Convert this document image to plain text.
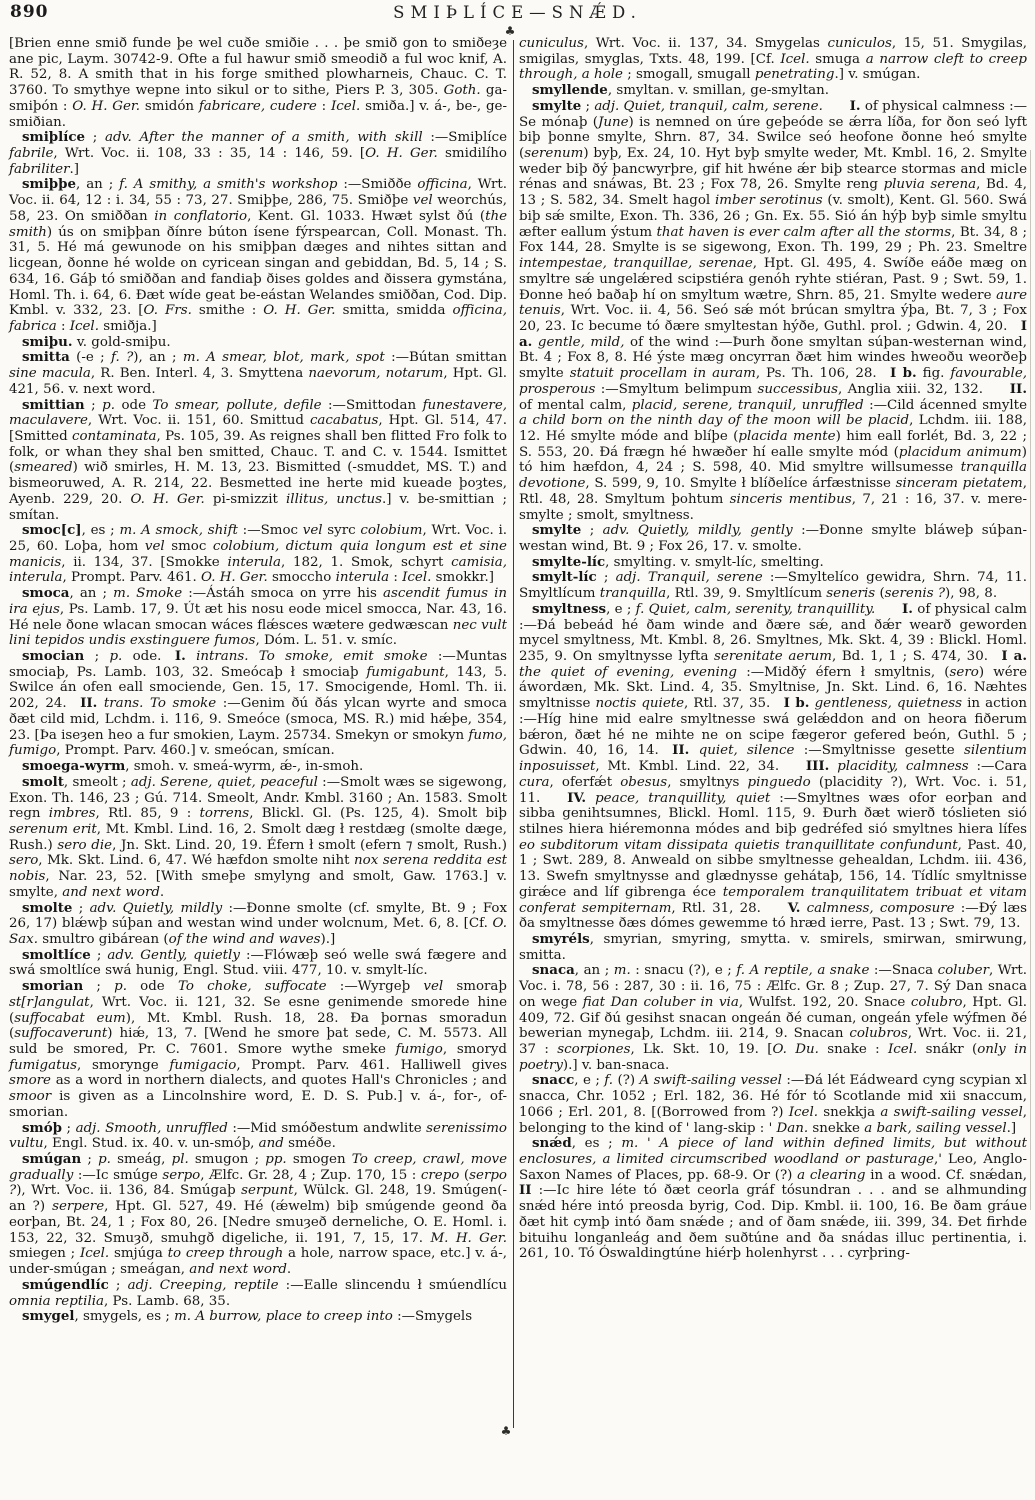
890	SMIÞLÍCE—SNǼD.
♣

[Brien enne smið funde þe wel cuðe smiðie . . . þe smið gon to smiðeȝe ane pic, Laym. 30742-9. Ofte a ful hawur smið smeodið a ful woc knif, A. R. 52, 8. A smith that in his forge smithed plowharneis, Chauc. C. T. 3760. To smythye wepne into sikul or to sithe, Piers P. 3, 305. Goth. ga-smiþón : O. H. Ger. smidón fabricare, cudere : Icel. smiða.] v. á-, be-, ge-smiðian.

smiþlíce ; adv. After the manner of a smith, with skill :—Smiþlíce fabrile, Wrt. Voc. ii. 108, 33 : 35, 14 : 146, 59. [O. H. Ger. smidilího fabriliter.]

smiþþe, an ; f. A smithy, a smith's workshop :—Smiððe officina, Wrt. Voc. ii. 64, 12 : i. 34, 55 : 73, 27. Smiþþe, 286, 75. Smiðþe vel weorchús, 58, 23. On smiððan in conflatorio, Kent. Gl. 1033. Hwæt sylst ðú (the smith) ús on smiþþan ðínre búton ísene fýrspearcan, Coll. Monast. Th. 31, 5. Hé má gewunode on his smiþþan dæges and nihtes sittan and licgean, ðonne hé wolde on cyricean singan and gebiddan, Bd. 5, 14 ; S. 634, 16. Gáþ tó smiððan and fandiaþ ðises goldes and ðissera gymstána, Homl. Th. i. 64, 6. Ðæt wíde geat be-eástan Welandes smiððan, Cod. Dip. Kmbl. v. 332, 23. [O. Frs. smithe : O. H. Ger. smitta, smidda officina, fabrica : Icel. smiðja.]

smiþu. v. gold-smiþu.

smitta (-e ; f. ?), an ; m. A smear, blot, mark, spot :—Bútan smittan sine macula, R. Ben. Interl. 4, 3. Smyttena naevorum, notarum, Hpt. Gl. 421, 56. v. next word.

smittian ; p. ode To smear, pollute, defile :—Smittodan funestavere, maculavere, Wrt. Voc. ii. 151, 60. Smittud cacabatus, Hpt. Gl. 514, 47. [Smitted contaminata, Ps. 105, 39. As reignes shall ben flitted Fro folk to folk, or whan they shal ben smitted, Chauc. T. and C. v. 1544. Ismittet (smeared) wið smirles, H. M. 13, 23. Bismitted (-smuddet, MS. T.) and bismeoruwed, A. R. 214, 22. Besmetted ine herte mid kueade þoȝtes, Ayenb. 229, 20. O. H. Ger. pi-smizzit illitus, unctus.] v. be-smittian ; smítan.

smoc[c], es ; m. A smock, shift :—Smoc vel syrc colobium, Wrt. Voc. i. 25, 60. Loþa, hom vel smoc colobium, dictum quia longum est et sine manicis, ii. 134, 37. [Smokke interula, 182, 1. Smok, schyrt camisia, interula, Prompt. Parv. 461. O. H. Ger. smoccho interula : Icel. smokkr.]

smoca, an ; m. Smoke :—Ástáh smoca on yrre his ascendit fumus in ira ejus, Ps. Lamb. 17, 9. Út æt his nosu eode micel smocca, Nar. 43, 16. Hé nele ðone wlacan smocan wáces flǽsces wætere gedwæscan nec vult lini tepidos undis exstinguere fumos, Dóm. L. 51. v. smíc.

smocian ; p. ode. I. intrans. To smoke, emit smoke :—Muntas smociaþ, Ps. Lamb. 103, 32. Smeócaþ ł smociaþ fumigabunt, 143, 5. Swilce án ofen eall smociende, Gen. 15, 17. Smocigende, Homl. Th. ii. 202, 24. II. trans. To smoke :—Genim ðú ðás ylcan wyrte and smoca ðæt cild mid, Lchdm. i. 116, 9. Smeóce (smoca, MS. R.) mid hǽþe, 354, 23. [Þa iseȝen heo a fur smokien, Laym. 25734. Smekyn or smokyn fumo, fumigo, Prompt. Parv. 460.] v. smeócan, smícan.

smoega-wyrm, smoh. v. smeá-wyrm, ǽ-, in-smoh.

smolt, smeolt ; adj. Serene, quiet, peaceful :—Smolt wæs se sigewong, Exon. Th. 146, 23 ; Gú. 714. Smeolt, Andr. Kmbl. 3160 ; An. 1583. Smolt regn imbres, Rtl. 85, 9 : torrens, Blickl. Gl. (Ps. 125, 4). Smolt biþ serenum erit, Mt. Kmbl. Lind. 16, 2. Smolt dæg ł restdæg (smolte dæge, Rush.) sero die, Jn. Skt. Lind. 20, 19. Éfern ł smolt (efern ⁊ smolt, Rush.) sero, Mk. Skt. Lind. 6, 47. Wé hæfdon smolte niht nox serena reddita est nobis, Nar. 23, 52. [With smeþe smylyng and smolt, Gaw. 1763.] v. smylte, and next word.

smolte ; adv. Quietly, mildly :—Ðonne smolte (cf. smylte, Bt. 9 ; Fox 26, 17) blǽwþ súþan and westan wind under wolcnum, Met. 6, 8. [Cf. O. Sax. smultro gibárean (of the wind and waves).]

smoltlíce ; adv. Gently, quietly :—Flówæþ seó welle swá fægere and swá smoltlíce swá hunig, Engl. Stud. viii. 477, 10. v. smylt-líc.

smorian ; p. ode To choke, suffocate :—Wyrgeþ vel smoraþ st[r]angulat, Wrt. Voc. ii. 121, 32. Se esne genimende smorede hine (suffocabat eum), Mt. Kmbl. Rush. 18, 28. Ða þornas smoradun (suffocaverunt) hiǽ, 13, 7. [Wend he smore þat sede, C. M. 5573. All suld be smored, Pr. C. 7601. Smore wythe smeke fumigo, smoryd fumigatus, smorynge fumigacio, Prompt. Parv. 461. Halliwell gives smore as a word in northern dialects, and quotes Hall's Chronicles ; and smoor is given as a Lincolnshire word, E. D. S. Pub.] v. á-, for-, of-smorian.

smóþ ; adj. Smooth, unruffled :—Mid smóðestum andwlite serenissimo vultu, Engl. Stud. ix. 40. v. un-smóþ, and sméðe.

smúgan ; p. smeág, pl. smugon ; pp. smogen To creep, crawl, move gradually :—Ic smúge serpo, Ælfc. Gr. 28, 4 ; Zup. 170, 15 : crepo (serpo ?), Wrt. Voc. ii. 136, 84. Smúgaþ serpunt, Wülck. Gl. 248, 19. Smúgen(-an ?) serpere, Hpt. Gl. 527, 49. Hé (ǽwelm) biþ smúgende geond ða eorþan, Bt. 24, 1 ; Fox 80, 26. [Nedre smuȝeð derneliche, O. E. Homl. i. 153, 22, 32. Smuȝð, smuhgð digeliche, ii. 191, 7, 15, 17. M. H. Ger. smiegen ; Icel. smjúga to creep through a hole, narrow space, etc.] v. á-, under-smúgan ; smeágan, and next word.

smúgendlíc ; adj. Creeping, reptile :—Ealle slincendu ł smúendlícu omnia reptilia, Ps. Lamb. 68, 35.

smygel, smygels, es ; m. A burrow, place to creep into :—Smygels

cuniculus, Wrt. Voc. ii. 137, 34. Smygelas cuniculos, 15, 51. Smygilas, smigilas, smyglas, Txts. 48, 199. [Cf. Icel. smuga a narrow cleft to creep through, a hole ; smogall, smugall penetrating.] v. smúgan.

smyllende, smyltan. v. smillan, ge-smyltan.

smylte ; adj. Quiet, tranquil, calm, serene.   I. of physical calmness :—Se mónaþ (June) is nemned on úre geþeóde se ǽrra líða, for ðon seó lyft biþ þonne smylte, Shrn. 87, 34. Swilce seó heofone ðonne heó smylte (serenum) byþ, Ex. 24, 10. Hyt byþ smylte weder, Mt. Kmbl. 16, 2. Smylte weder biþ ðý þancwyrþre, gif hit hwéne ǽr biþ stearce stormas and micle rénas and snáwas, Bt. 23 ; Fox 78, 26. Smylte reng pluvia serena, Bd. 4, 13 ; S. 582, 34. Smelt hagol imber serotinus (v. smolt), Kent. Gl. 560. Swá biþ sǽ smilte, Exon. Th. 336, 26 ; Gn. Ex. 55. Sió án hýþ byþ simle smyltu æfter eallum ýstum that haven is ever calm after all the storms, Bt. 34, 8 ; Fox 144, 28. Smylte is se sigewong, Exon. Th. 199, 29 ; Ph. 23. Smeltre intempestae, tranquillae, serenae, Hpt. Gl. 495, 4. Swíðe eáðe mæg on smyltre sǽ ungelǽred scipstiéra genóh ryhte stiéran, Past. 9 ; Swt. 59, 1. Ðonne heó baðaþ hí on smyltum wætre, Shrn. 85, 21. Smylte wedere aure tenuis, Wrt. Voc. ii. 4, 56. Seó sǽ mót brúcan smyltra ýþa, Bt. 7, 3 ; Fox 20, 23. Ic becume tó ðære smyltestan hýðe, Guthl. prol. ; Gdwin. 4, 20. I a. gentle, mild, of the wind :—Þurh ðone smyltan súþan-westernan wind, Bt. 4 ; Fox 8, 8. Hé ýste mæg oncyrran ðæt him windes hweoðu weorðeþ smylte statuit procellam in auram, Ps. Th. 106, 28. I b. fig. favourable, prosperous :—Smyltum belimpum successibus, Anglia xiii. 32, 132.  II. of mental calm, placid, serene, tranquil, unruffled :—Cild ácenned smylte a child born on the ninth day of the moon will be placid, Lchdm. iii. 188, 12. Hé smylte móde and blíþe (placida mente) him eall forlét, Bd. 3, 22 ; S. 553, 20. Ðá frægn hé hwæðer hí ealle smylte mód (placidum animum) tó him hæfdon, 4, 24 ; S. 598, 40. Mid smyltre willsumesse tranquilla devotione, S. 599, 9, 10. Smylte ł blíðelíce árfæstnisse sinceram pietatem, Rtl. 48, 28. Smyltum þohtum sinceris mentibus, 7, 21 : 16, 37. v. mere-smylte ; smolt, smyltness.

smylte ; adv. Quietly, mildly, gently :—Ðonne smylte bláweþ súþan-westan wind, Bt. 9 ; Fox 26, 17. v. smolte.

smylte-líc, smylting. v. smylt-líc, smelting.

smylt-líc ; adj. Tranquil, serene :—Smyltelíco gewidra, Shrn. 74, 11. Smyltlícum tranquilla, Rtl. 39, 9. Smyltlícum seneris (serenis ?), 98, 8.

smyltness, e ; f. Quiet, calm, serenity, tranquillity.   I. of physical calm :—Ðá bebeád hé ðam winde and ðære sǽ, and ðǽr wearð geworden mycel smyltness, Mt. Kmbl. 8, 26. Smyltnes, Mk. Skt. 4, 39 : Blickl. Homl. 235, 9. On smyltnysse lyfta serenitate aerum, Bd. 1, 1 ; S. 474, 30. I a. the quiet of evening, evening :—Midðý éfern ł smyltnis, (sero) wére áwordæn, Mk. Skt. Lind. 4, 35. Smyltnise, Jn. Skt. Lind. 6, 16. Næhtes smyltnisse noctis quiete, Rtl. 37, 35. I b. gentleness, quietness in action :—Híg hine mid ealre smyltnesse swá gelǽddon and on heora fiðerum bǽron, ðæt hé ne mihte ne on scipe fægeror gefered beón, Guthl. 5 ; Gdwin. 40, 16, 14. II. quiet, silence :—Smyltnisse gesette silentium inposuisset, Mt. Kmbl. Lind. 22, 34.  III. placidity, calmness :—Cara cura, oferfǽt obesus, smyltnys pinguedo (placidity ?), Wrt. Voc. i. 51, 11.  IV. peace, tranquillity, quiet :—Smyltnes wæs ofor eorþan and sibba genihtsumnes, Blickl. Homl. 115, 9. Ðurh ðæt wierð tóslieten sió stilnes hiera hiéremonna módes and biþ gedréfed sió smyltnes hiera lífes eo subditorum vitam dissipata quietis tranquillitate confundunt, Past. 40, 1 ; Swt. 289, 8. Anweald on sibbe smyltnesse gehealdan, Lchdm. iii. 436, 13. Swefn smyltnysse and glædnysse gehátaþ, 156, 14. Tídlíc smyltnisse girǽce and líf gibrenga éce temporalem tranquilitatem tribuat et vitam conferat sempiternam, Rtl. 31, 28.  V. calmness, composure :—Ðý læs ða smyltnesse ðæs dómes gewemme tó hræd ierre, Past. 13 ; Swt. 79, 13.

smyréls, smyrian, smyring, smytta. v. smirels, smirwan, smirwung, smitta.

snaca, an ; m. : snacu (?), e ; f. A reptile, a snake :—Snaca coluber, Wrt. Voc. i. 78, 56 : 287, 30 : ii. 16, 75 : Ælfc. Gr. 8 ; Zup. 27, 7. Sý Dan snaca on wege fiat Dan coluber in via, Wulfst. 192, 20. Snace colubro, Hpt. Gl. 409, 72. Gif ðú gesihst snacan ongeán ðé cuman, ongeán yfele wýfmen ðé bewerian mynegaþ, Lchdm. iii. 214, 9. Snacan colubros, Wrt. Voc. ii. 21, 37 : scorpiones, Lk. Skt. 10, 19. [O. Du. snake : Icel. snákr (only in poetry).] v. ban-snaca.

snacc, e ; f. (?) A swift-sailing vessel :—Ðá lét Eádweard cyng scypian xl snacca, Chr. 1052 ; Erl. 182, 36. Hé fór tó Scotlande mid xii snaccum, 1066 ; Erl. 201, 8. [(Borrowed from ?) Icel. snekkja a swift-sailing vessel, belonging to the kind of ' lang-skip : ' Dan. snekke a bark, sailing vessel.]

snǽd, es ; m. ' A piece of land within defined limits, but without enclosures, a limited circumscribed woodland or pasturage,' Leo, Anglo-Saxon Names of Places, pp. 68-9. Or (?) a clearing in a wood. Cf. snǽdan, II :—Ic hire léte tó ðæt ceorla gráf tósundran . . . and se alhmunding snǽd hére intó preosda byrig, Cod. Dip. Kmbl. ii. 100, 16. Be ðam gráue ðæt hit cymþ intó ðam snǽde ; and of ðam snǽde, iii. 399, 34. Ðet firhde bituihu longanleág and ðem suðtúne and ða snádas illuc pertinentia, i. 261, 10. Tó Óswaldingtúne hiérþ holenhyrst . . . cyrþring-

♣
